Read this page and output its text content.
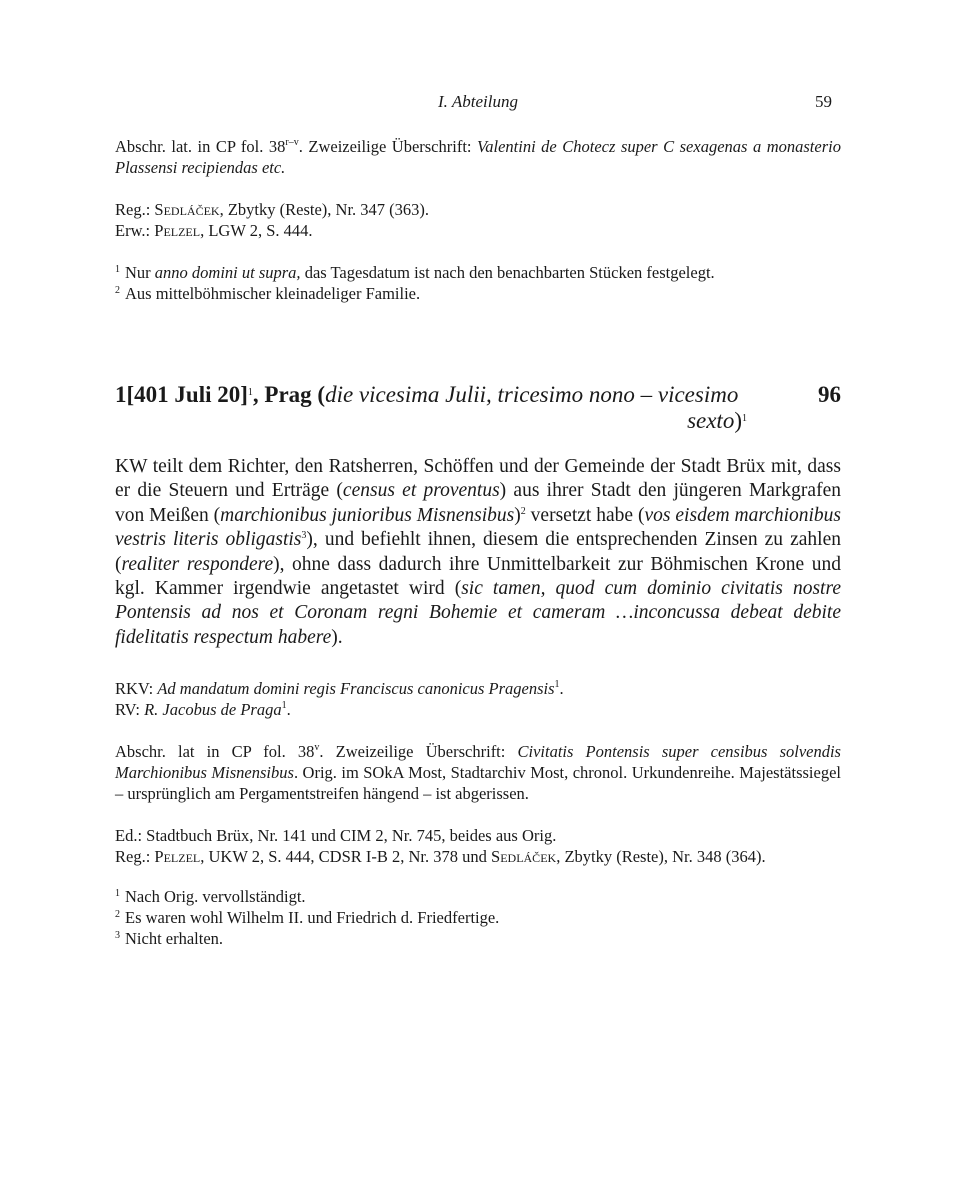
I. Abteilung	59
Abschr. lat. in CP fol. 38$^{r-v}$. Zweizeilige Überschrift: Valentini de Chotecz super C sexagenas a monasterio Plassensi recipiendas etc.

Reg.: Sedláček, Zbytky (Reste), Nr. 347 (363).

Erw.: Pelzel, LGW 2, S. 444.

1 Nur anno domini ut supra, das Tagesdatum ist nach den benachbarten Stücken festgelegt.

2 Aus mittelböhmischer kleinadeliger Familie.

1[401 Juli 20]$^1$, Prag (die vicesima Julii, tricesimo nono – vicesimo
sexto)$^1$
96
KW teilt dem Richter, den Ratsherren, Schöffen und der Gemeinde der Stadt Brüx mit, dass er die Steuern und Erträge (census et proventus) aus ihrer Stadt den jüngeren Markgrafen von Meißen (marchionibus junioribus Misnensibus)$^2$ versetzt habe (vos eisdem marchionibus vestris literis obligastis$^3$), und befiehlt ihnen, diesem die entsprechenden Zinsen zu zahlen (realiter respondere), ohne dass dadurch ihre Unmittelbarkeit zur Böhmischen Krone und kgl. Kammer irgendwie angetastet wird (sic tamen, quod cum dominio civitatis nostre Pontensis ad nos et Coronam regni Bohemie et cameram …inconcussa debeat debite fidelitatis respectum habere).

RKV: Ad mandatum domini regis Franciscus canonicus Pragensis$^1$.

RV: R. Jacobus de Praga$^1$.

Abschr. lat in CP fol. 38$^v$. Zweizeilige Überschrift: Civitatis Pontensis super censibus solvendis Marchionibus Misnensibus. Orig. im SOkA Most, Stadtarchiv Most, chronol. Urkundenreihe. Majestätssiegel – ursprünglich am Pergamentstreifen hängend – ist abgerissen.

Ed.: Stadtbuch Brüx, Nr. 141 und CIM 2, Nr. 745, beides aus Orig.

Reg.: Pelzel, UKW 2, S. 444, CDSR I-B 2, Nr. 378 und Sedláček, Zbytky (Reste), Nr. 348 (364).

1 Nach Orig. vervollständigt.

2 Es waren wohl Wilhelm II. und Friedrich d. Friedfertige.

3 Nicht erhalten.
